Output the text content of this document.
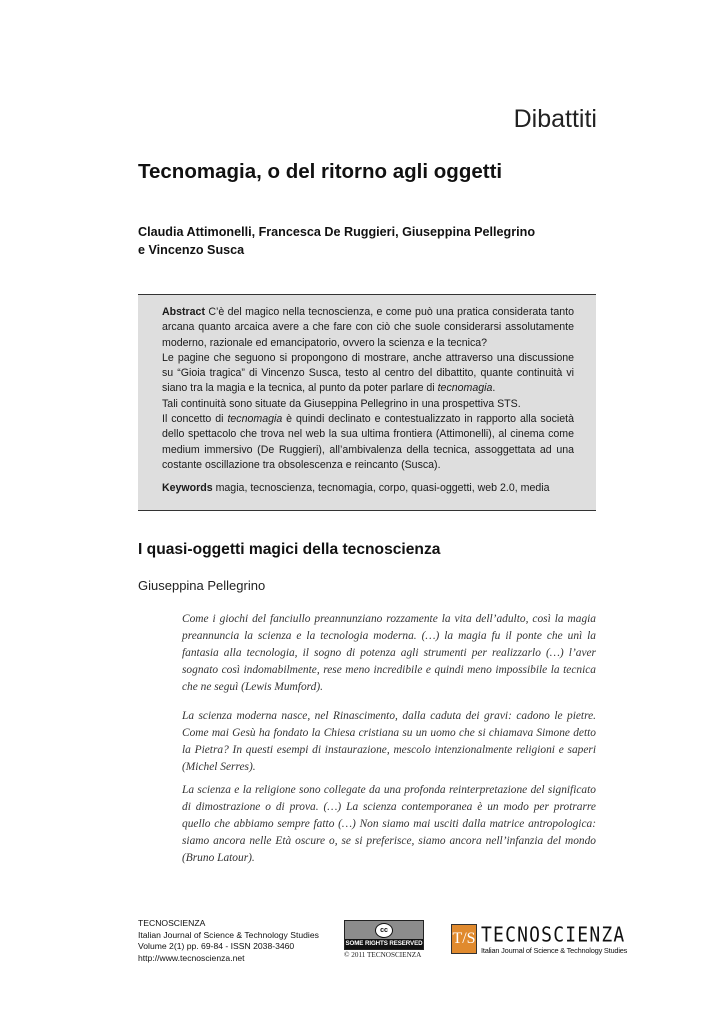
Dibattiti
Tecnomagia, o del ritorno agli oggetti
Claudia Attimonelli, Francesca De Ruggieri, Giuseppina Pellegrino
e Vincenzo Susca

Abstract C’è del magico nella tecnoscienza, e come può una pratica considerata tanto arcana quanto arcaica avere a che fare con ciò che suole considerarsi assolutamente moderno, razionale ed emancipatorio, ovvero la scienza e la tecnica?

Le pagine che seguono si propongono di mostrare, anche attraverso una discussione su “Gioia tragica” di Vincenzo Susca, testo al centro del dibattito, quante continuità vi siano tra la magia e la tecnica, al punto da poter parlare di tecnomagia.

Tali continuità sono situate da Giuseppina Pellegrino in una prospettiva STS.

Il concetto di tecnomagia è quindi declinato e contestualizzato in rapporto alla società dello spettacolo che trova nel web la sua ultima frontiera (Attimonelli), al cinema come medium immersivo (De Ruggieri), all’ambivalenza della tecnica, assoggettata ad una costante oscillazione tra obsolescenza e reincanto (Susca).

Keywords magia, tecnoscienza, tecnomagia, corpo, quasi-oggetti, web 2.0, media
I quasi-oggetti magici della tecnoscienza
Giuseppina Pellegrino
Come i giochi del fanciullo preannunziano rozzamente la vita dell’adulto, così la magia preannuncia la scienza e la tecnologia moderna. (…) la magia fu il ponte che unì la fantasia alla tecnologia, il sogno di potenza agli strumenti per realizzarlo (…) l’aver sognato così indomabilmente, rese meno incredibile e quindi meno impossibile la tecnica che ne seguì (Lewis Mumford).
La scienza moderna nasce, nel Rinascimento, dalla caduta dei gravi: cadono le pietre. Come mai Gesù ha fondato la Chiesa cristiana su un uomo che si chiamava Simone detto la Pietra? In questi esempi di instaurazione, mescolo intenzionalmente religioni e saperi (Michel Serres).
La scienza e la religione sono collegate da una profonda reinterpretazione del significato di dimostrazione o di prova. (…) La scienza contemporanea è un modo per protrarre quello che abbiamo sempre fatto (…) Non siamo mai usciti dalla matrice antropologica: siamo ancora nelle Età oscure o, se si preferisce, siamo ancora nell’infanzia del mondo (Bruno Latour).
TECNOSCIENZA
Italian Journal of Science & Technology Studies
Volume 2(1) pp. 69-84 - ISSN 2038-3460
http://www.tecnoscienza.net
cc
SOME RIGHTS RESERVED
© 2011 TECNOSCIENZA
T/S TECNOSCIENZA
Italian Journal of Science & Technology Studies
